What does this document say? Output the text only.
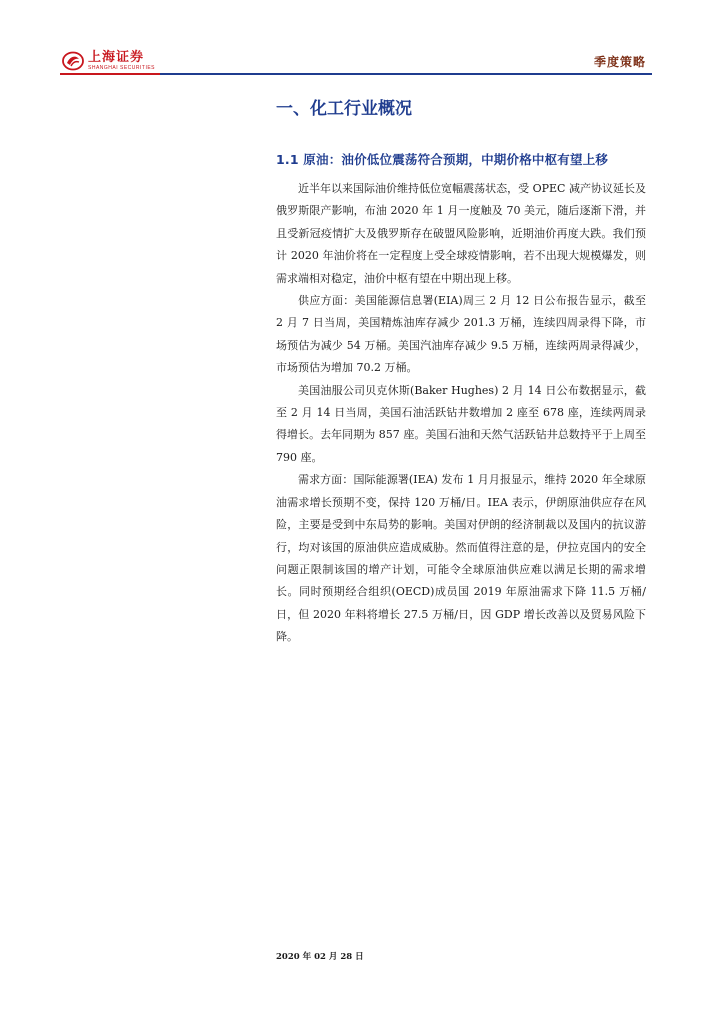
上海证券
SHANGHAI SECURITIES	季度策略
一、化工行业概况
1.1 原油：油价低位震荡符合预期，中期价格中枢有望上移

近半年以来国际油价维持低位宽幅震荡状态，受 OPEC 减产协议延长及俄罗斯限产影响，布油 2020 年 1 月一度触及 70 美元，随后逐渐下滑，并且受新冠疫情扩大及俄罗斯存在破盟风险影响，近期油价再度大跌。我们预计 2020 年油价将在一定程度上受全球疫情影响，若不出现大规模爆发，则需求端相对稳定，油价中枢有望在中期出现上移。

供应方面：美国能源信息署(EIA)周三 2 月 12 日公布报告显示，截至 2 月 7 日当周，美国精炼油库存减少 201.3 万桶，连续四周录得下降，市场预估为减少 54 万桶。美国汽油库存减少 9.5 万桶，连续两周录得减少，市场预估为增加 70.2 万桶。

美国油服公司贝克休斯(Baker Hughes) 2 月 14 日公布数据显示，截至 2 月 14 日当周，美国石油活跃钻井数增加 2 座至 678 座，连续两周录得增长。去年同期为 857 座。美国石油和天然气活跃钻井总数持平于上周至 790 座。

需求方面：国际能源署(IEA) 发布 1 月月报显示，维持 2020 年全球原油需求增长预期不变，保持 120 万桶/日。IEA 表示，伊朗原油供应存在风险，主要是受到中东局势的影响。美国对伊朗的经济制裁以及国内的抗议游行，均对该国的原油供应造成威胁。然而值得注意的是，伊拉克国内的安全问题正限制该国的增产计划，可能令全球原油供应难以满足长期的需求增长。同时预期经合组织(OECD)成员国 2019 年原油需求下降 11.5 万桶/日，但 2020 年料将增长 27.5 万桶/日，因 GDP 增长改善以及贸易风险下降。

2020 年 02 月 28 日
